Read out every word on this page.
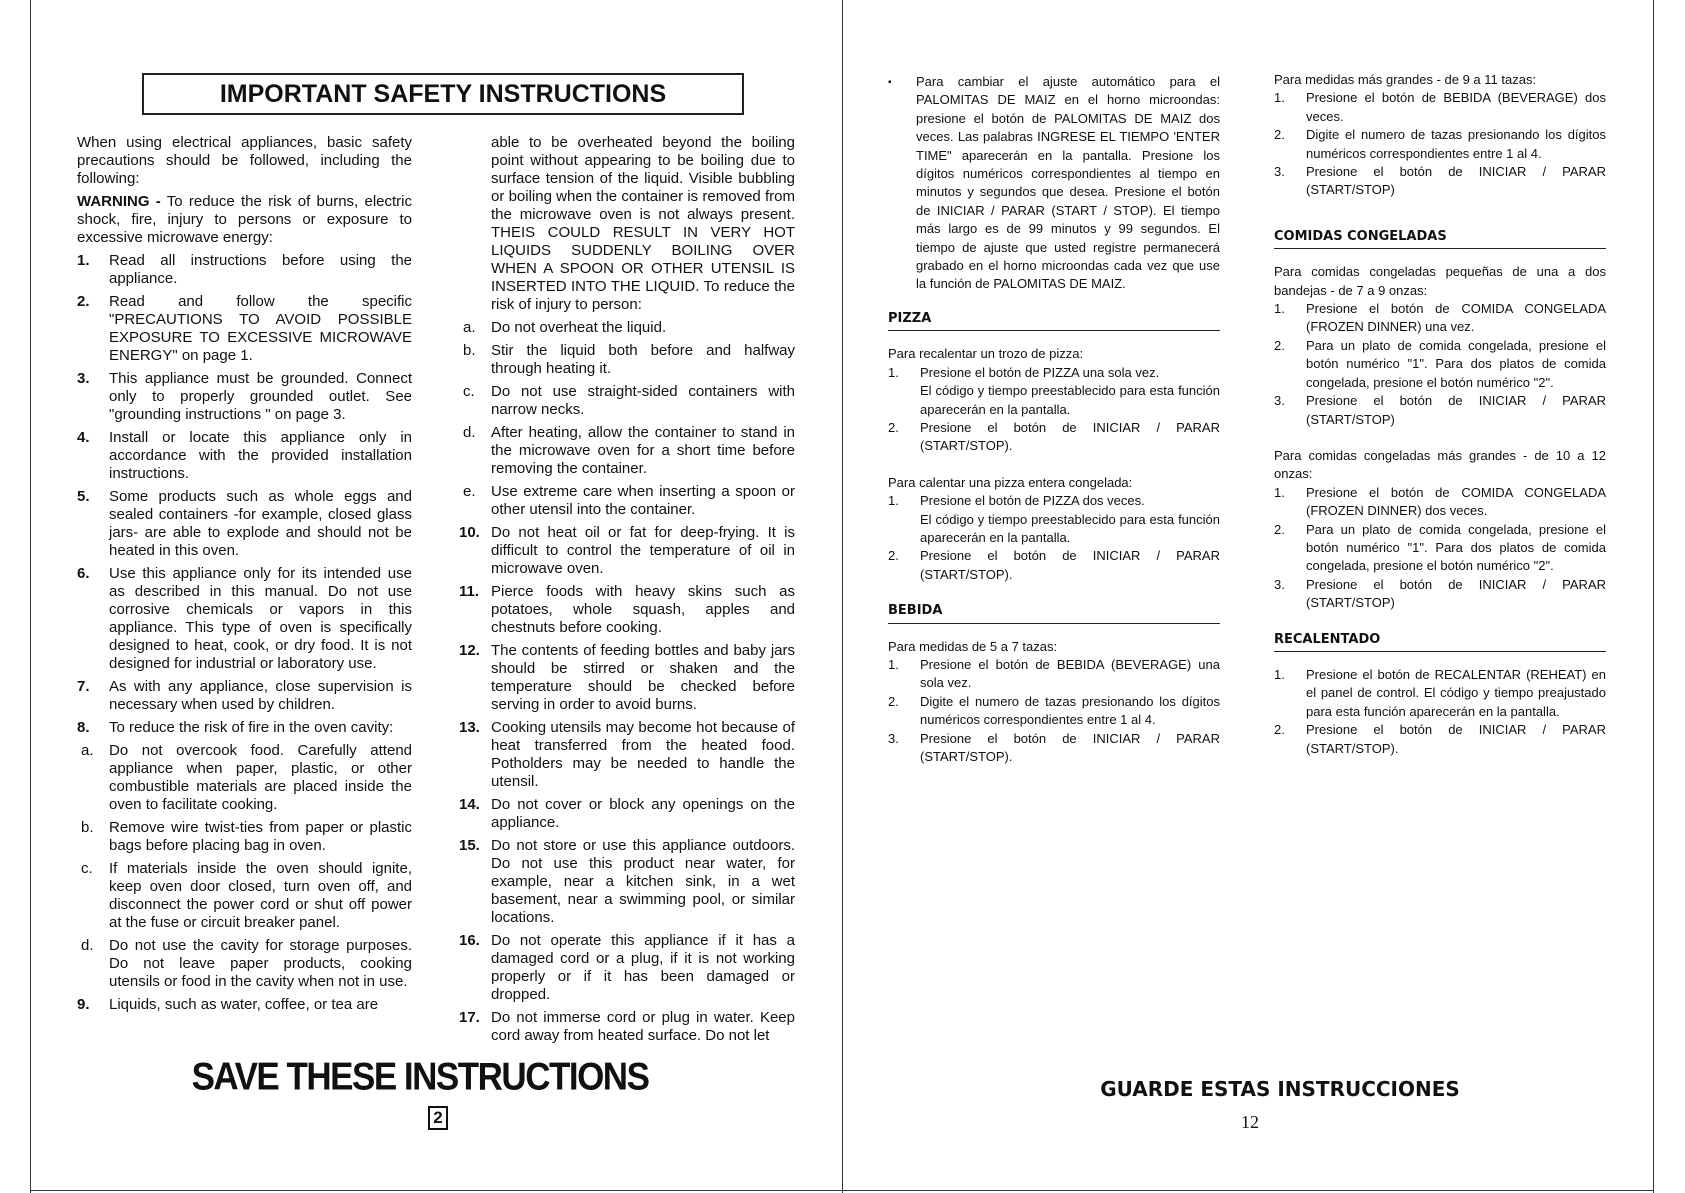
IMPORTANT SAFETY INSTRUCTIONS

When using electrical appliances, basic safety precautions should be followed, including the following:

WARNING - To reduce the risk of burns, electric shock, fire, injury to persons or exposure to excessive microwave energy:

1.	Read all instructions before using the appliance.
2.	Read and follow the specific "PRECAUTIONS TO AVOID POSSIBLE EXPOSURE TO EXCESSIVE MICROWAVE ENERGY" on page 1.
3.	This appliance must be grounded. Connect only to properly grounded outlet. See "grounding instructions " on page 3.
4.	Install or locate this appliance only in accordance with the provided installation instructions.
5.	Some products such as whole eggs and sealed containers -for example, closed glass jars- are able to explode and should not be heated in this oven.
6.	Use this appliance only for its intended use as described in this manual. Do not use corrosive chemicals or vapors in this appliance. This type of oven is specifically designed to heat, cook, or dry food. It is not designed for industrial or laboratory use.
7.	As with any appliance, close supervision is necessary when used by children.
8.	To reduce the risk of fire in the oven cavity:
a.	Do not overcook food. Carefully attend appliance when paper, plastic, or other combustible materials are placed inside the oven to facilitate cooking.
b.	Remove wire twist-ties from paper or plastic bags before placing bag in oven.
c.	If materials inside the oven should ignite, keep oven door closed, turn oven off, and disconnect the power cord or shut off power at the fuse or circuit breaker panel.
d.	Do not use the cavity for storage purposes. Do not leave paper products, cooking utensils or food in the cavity when not in use.
9.	Liquids, such as water, coffee, or tea are

able to be overheated beyond the boiling point without appearing to be boiling due to surface tension of the liquid. Visible bubbling or boiling when the container is removed from the microwave oven is not always present. THEIS COULD RESULT IN VERY HOT LIQUIDS SUDDENLY BOILING OVER WHEN A SPOON OR OTHER UTENSIL IS INSERTED INTO THE LIQUID. To reduce the risk of injury to person:

a.	Do not overheat the liquid.
b.	Stir the liquid both before and halfway through heating it.
c.	Do not use straight-sided containers with narrow necks.
d.	After heating, allow the container to stand in the microwave oven for a short time before removing the container.
e.	Use extreme care when inserting a spoon or other utensil into the container.
10. Do not heat oil or fat for deep-frying. It is difficult to control the temperature of oil in microwave oven.
11. Pierce foods with heavy skins such as potatoes, whole squash, apples and chestnuts before cooking.
12. The contents of feeding bottles and baby jars should be stirred or shaken and the temperature should be checked before serving in order to avoid burns.
13. Cooking utensils may become hot because of heat transferred from the heated food. Potholders may be needed to handle the utensil.
14. Do not cover or block any openings on the appliance.
15. Do not store or use this appliance outdoors. Do not use this product near water, for example, near a kitchen sink, in a wet basement, near a swimming pool, or similar locations.
16. Do not operate this appliance if it has a damaged cord or a plug, if it is not working properly or if it has been damaged or dropped.
17. Do not immerse cord or plug in water. Keep cord away from heated surface. Do not let
SAVE THESE INSTRUCTIONS
2
▪	Para cambiar el ajuste automático para el PALOMITAS DE MAIZ en el horno microondas: presione el botón de PALOMITAS DE MAIZ dos veces. Las palabras INGRESE EL TIEMPO 'ENTER TIME" aparecerán en la pantalla. Presione los dígitos numéricos correspondientes al tiempo en minutos y segundos que desea. Presione el botón de INICIAR / PARAR (START / STOP). El tiempo más largo es de 99 minutos y 99 segundos. El tiempo de ajuste que usted registre permanecerá grabado en el horno microondas cada vez que use la función de PALOMITAS DE MAIZ.

PIZZA

Para recalentar un trozo de pizza:

1.	Presione el botón de PIZZA una sola vez.
El código y tiempo preestablecido para esta función aparecerán en la pantalla.
2.	Presione el botón de INICIAR / PARAR (START/STOP).

Para calentar una pizza entera congelada:

1.	Presione el botón de PIZZA dos veces.
El código y tiempo preestablecido para esta función aparecerán en la pantalla.
2.	Presione el botón de INICIAR / PARAR (START/STOP).
BEBIDA

Para medidas de 5 a 7 tazas:

1.	Presione el botón de BEBIDA (BEVERAGE) una sola vez.
2.	Digite el numero de tazas presionando los dígitos numéricos correspondientes entre 1 al 4.
3.	Presione el botón de INICIAR / PARAR (START/STOP).

Para medidas más grandes - de 9 a 11 tazas:

1.	Presione el botón de BEBIDA (BEVERAGE) dos veces.
2.	Digite el numero de tazas presionando los dígitos numéricos correspondientes entre 1 al 4.
3.	Presione el botón de INICIAR / PARAR (START/STOP)
COMIDAS CONGELADAS

Para comidas congeladas pequeñas de una a dos bandejas - de 7 a 9 onzas:

1.	Presione el botón de COMIDA CONGELADA (FROZEN DINNER) una vez.
2.	Para un plato de comida congelada, presione el botón numérico "1". Para dos platos de comida congelada, presione el botón numérico "2".
3.	Presione el botón de INICIAR / PARAR (START/STOP)

Para comidas congeladas más grandes - de 10 a 12 onzas:

1.	Presione el botón de COMIDA CONGELADA (FROZEN DINNER) dos veces.
2.	Para un plato de comida congelada, presione el botón numérico "1". Para dos platos de comida congelada, presione el botón numérico "2".
3.	Presione el botón de INICIAR / PARAR (START/STOP)
RECALENTADO
1.	Presione el botón de RECALENTAR (REHEAT) en el panel de control. El código y tiempo preajustado para esta función aparecerán en la pantalla.
2.	Presione el botón de INICIAR / PARAR (START/STOP).
GUARDE ESTAS INSTRUCCIONES
12
